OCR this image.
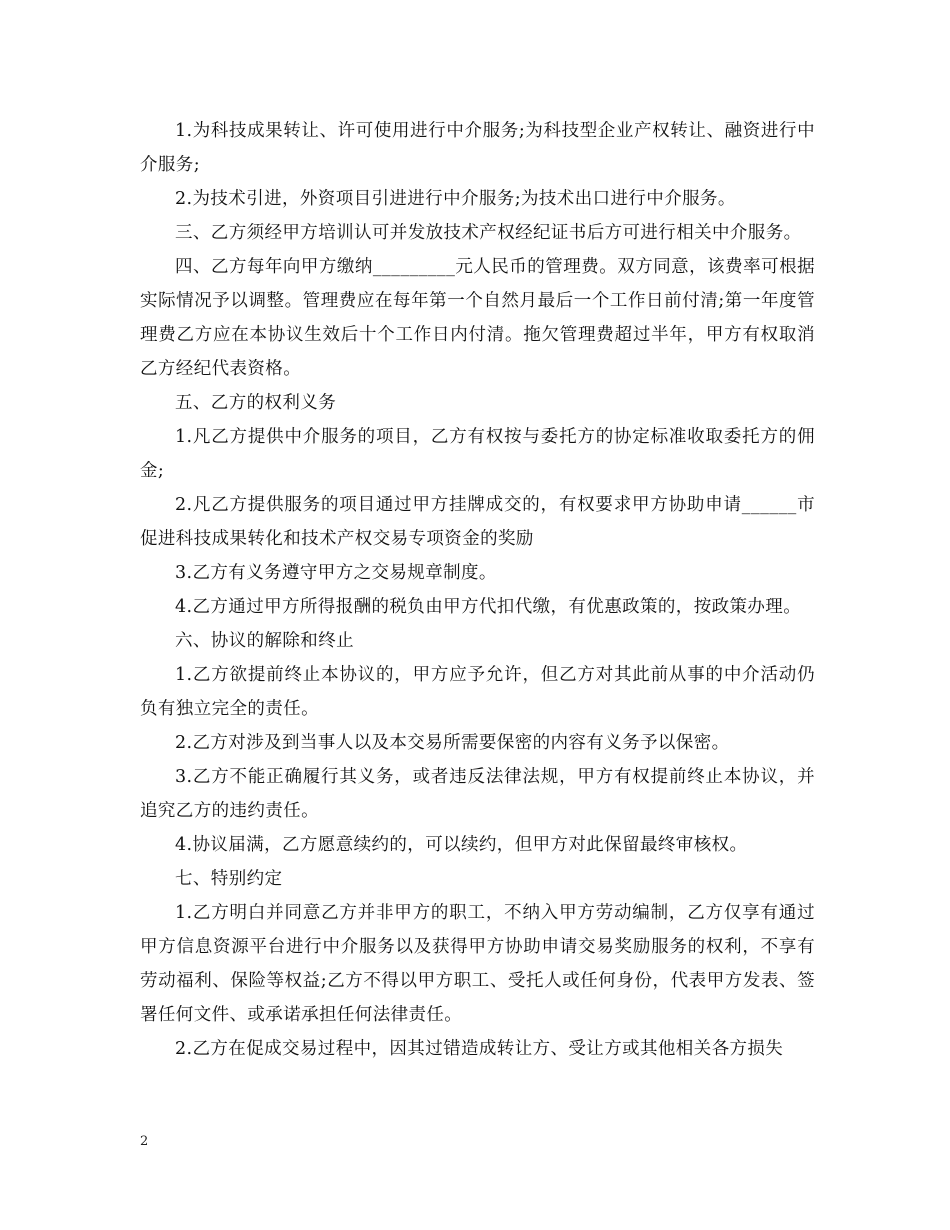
1.为科技成果转让、许可使用进行中介服务;为科技型企业产权转让、融资进行中介服务;

2.为技术引进，外资项目引进进行中介服务;为技术出口进行中介服务。

三、乙方须经甲方培训认可并发放技术产权经纪证书后方可进行相关中介服务。

四、乙方每年向甲方缴纳_________元人民币的管理费。双方同意，该费率可根据实际情况予以调整。管理费应在每年第一个自然月最后一个工作日前付清;第一年度管理费乙方应在本协议生效后十个工作日内付清。拖欠管理费超过半年，甲方有权取消乙方经纪代表资格。

五、乙方的权利义务

1.凡乙方提供中介服务的项目，乙方有权按与委托方的协定标准收取委托方的佣金;

2.凡乙方提供服务的项目通过甲方挂牌成交的，有权要求甲方协助申请______市促进科技成果转化和技术产权交易专项资金的奖励

3.乙方有义务遵守甲方之交易规章制度。

4.乙方通过甲方所得报酬的税负由甲方代扣代缴，有优惠政策的，按政策办理。

六、协议的解除和终止

1.乙方欲提前终止本协议的，甲方应予允许，但乙方对其此前从事的中介活动仍负有独立完全的责任。

2.乙方对涉及到当事人以及本交易所需要保密的内容有义务予以保密。

3.乙方不能正确履行其义务，或者违反法律法规，甲方有权提前终止本协议，并追究乙方的违约责任。

4.协议届满，乙方愿意续约的，可以续约，但甲方对此保留最终审核权。

七、特别约定

1.乙方明白并同意乙方并非甲方的职工，不纳入甲方劳动编制，乙方仅享有通过甲方信息资源平台进行中介服务以及获得甲方协助申请交易奖励服务的权利，不享有劳动福利、保险等权益;乙方不得以甲方职工、受托人或任何身份，代表甲方发表、签署任何文件、或承诺承担任何法律责任。

2.乙方在促成交易过程中，因其过错造成转让方、受让方或其他相关各方损失

2
